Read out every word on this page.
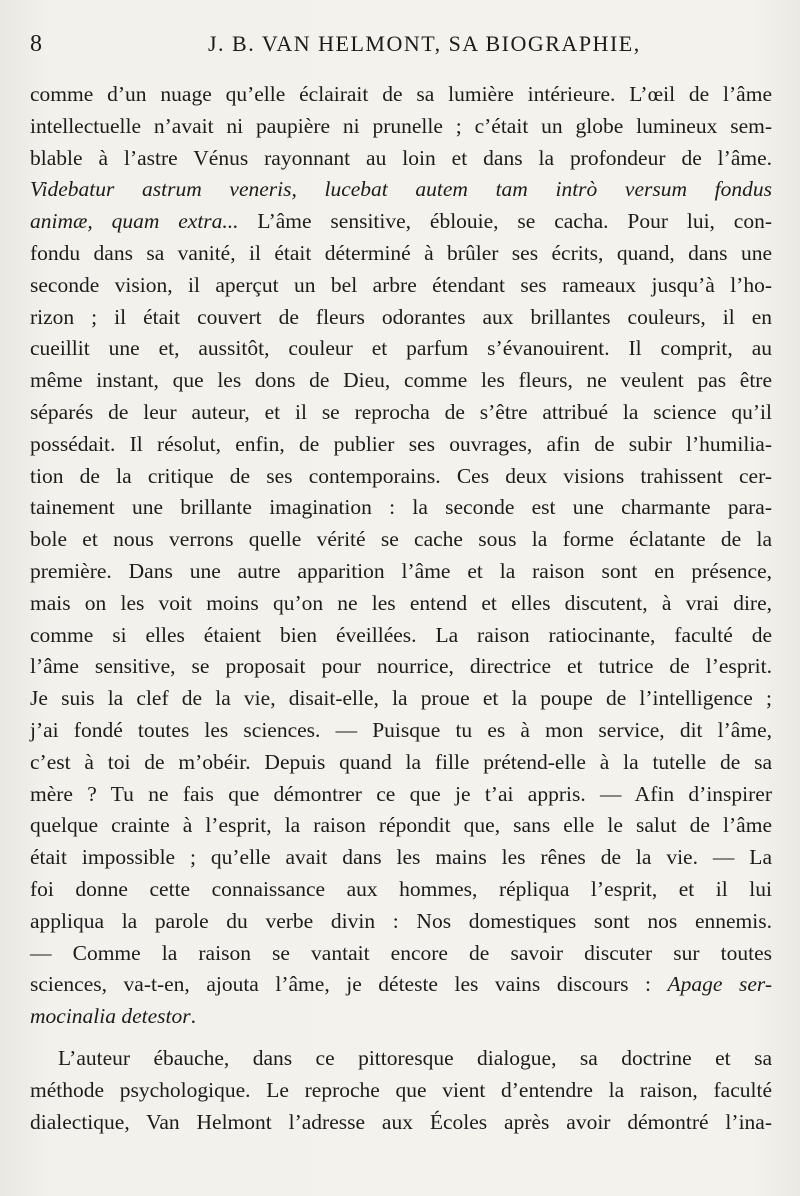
8	J. B. VAN HELMONT, SA BIOGRAPHIE,
comme d’un nuage qu’elle éclairait de sa lumière intérieure. L’œil de l’âme
intellectuelle n’avait ni paupière ni prunelle ; c’était un globe lumineux sem-
blable à l’astre Vénus rayonnant au loin et dans la profondeur de l’âme.
Videbatur astrum veneris, lucebat autem tam intrò versum fondus
animæ, quam extra... L’âme sensitive, éblouie, se cacha. Pour lui, con-
fondu dans sa vanité, il était déterminé à brûler ses écrits, quand, dans une
seconde vision, il aperçut un bel arbre étendant ses rameaux jusqu’à l’ho-
rizon ; il était couvert de fleurs odorantes aux brillantes couleurs, il en
cueillit une et, aussitôt, couleur et parfum s’évanouirent. Il comprit, au
même instant, que les dons de Dieu, comme les fleurs, ne veulent pas être
séparés de leur auteur, et il se reprocha de s’être attribué la science qu’il
possédait. Il résolut, enfin, de publier ses ouvrages, afin de subir l’humilia-
tion de la critique de ses contemporains. Ces deux visions trahissent cer-
tainement une brillante imagination : la seconde est une charmante para-
bole et nous verrons quelle vérité se cache sous la forme éclatante de la
première. Dans une autre apparition l’âme et la raison sont en présence,
mais on les voit moins qu’on ne les entend et elles discutent, à vrai dire,
comme si elles étaient bien éveillées. La raison ratiocinante, faculté de
l’âme sensitive, se proposait pour nourrice, directrice et tutrice de l’esprit.
Je suis la clef de la vie, disait-elle, la proue et la poupe de l’intelligence ;
j’ai fondé toutes les sciences. — Puisque tu es à mon service, dit l’âme,
c’est à toi de m’obéir. Depuis quand la fille prétend-elle à la tutelle de sa
mère ? Tu ne fais que démontrer ce que je t’ai appris. — Afin d’inspirer
quelque crainte à l’esprit, la raison répondit que, sans elle le salut de l’âme
était impossible ; qu’elle avait dans les mains les rênes de la vie. — La
foi donne cette connaissance aux hommes, répliqua l’esprit, et il lui
appliqua la parole du verbe divin : Nos domestiques sont nos ennemis.
— Comme la raison se vantait encore de savoir discuter sur toutes
sciences, va-t-en, ajouta l’âme, je déteste les vains discours : Apage ser-
mocinalia detestor.
L’auteur ébauche, dans ce pittoresque dialogue, sa doctrine et sa
méthode psychologique. Le reproche que vient d’entendre la raison, faculté
dialectique, Van Helmont l’adresse aux Écoles après avoir démontré l’ina-
